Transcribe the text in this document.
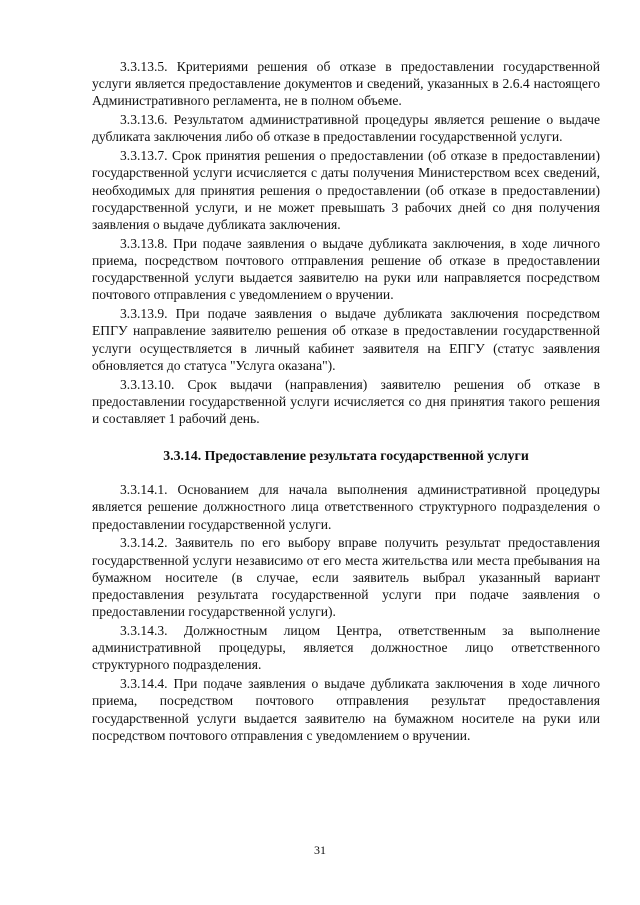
3.3.13.5. Критериями решения об отказе в предоставлении государственной услуги является предоставление документов и сведений, указанных в 2.6.4 настоящего Административного регламента, не в полном объеме.

3.3.13.6. Результатом административной процедуры является решение о выдаче дубликата заключения либо об отказе в предоставлении государственной услуги.

3.3.13.7. Срок принятия решения о предоставлении (об отказе в предоставлении) государственной услуги исчисляется с даты получения Министерством всех сведений, необходимых для принятия решения о предоставлении (об отказе в предоставлении) государственной услуги, и не может превышать 3 рабочих дней со дня получения заявления о выдаче дубликата заключения.

3.3.13.8. При подаче заявления о выдаче дубликата заключения, в ходе личного приема, посредством почтового отправления решение об отказе в предоставлении государственной услуги выдается заявителю на руки или направляется посредством почтового отправления с уведомлением о вручении.

3.3.13.9. При подаче заявления о выдаче дубликата заключения посредством ЕПГУ направление заявителю решения об отказе в предоставлении государственной услуги осуществляется в личный кабинет заявителя на ЕПГУ (статус заявления обновляется до статуса "Услуга оказана").

3.3.13.10. Срок выдачи (направления) заявителю решения об отказе в предоставлении государственной услуги исчисляется со дня принятия такого решения и составляет 1 рабочий день.

3.3.14. Предоставление результата государственной услуги

3.3.14.1. Основанием для начала выполнения административной процедуры является решение должностного лица ответственного структурного подразделения о предоставлении государственной услуги.

3.3.14.2. Заявитель по его выбору вправе получить результат предоставления государственной услуги независимо от его места жительства или места пребывания на бумажном носителе (в случае, если заявитель выбрал указанный вариант предоставления результата государственной услуги при подаче заявления о предоставлении государственной услуги).

3.3.14.3. Должностным лицом Центра, ответственным за выполнение административной процедуры, является должностное лицо ответственного структурного подразделения.

3.3.14.4. При подаче заявления о выдаче дубликата заключения в ходе личного приема, посредством почтового отправления результат предоставления государственной услуги выдается заявителю на бумажном носителе на руки или посредством почтового отправления с уведомлением о вручении.

31
